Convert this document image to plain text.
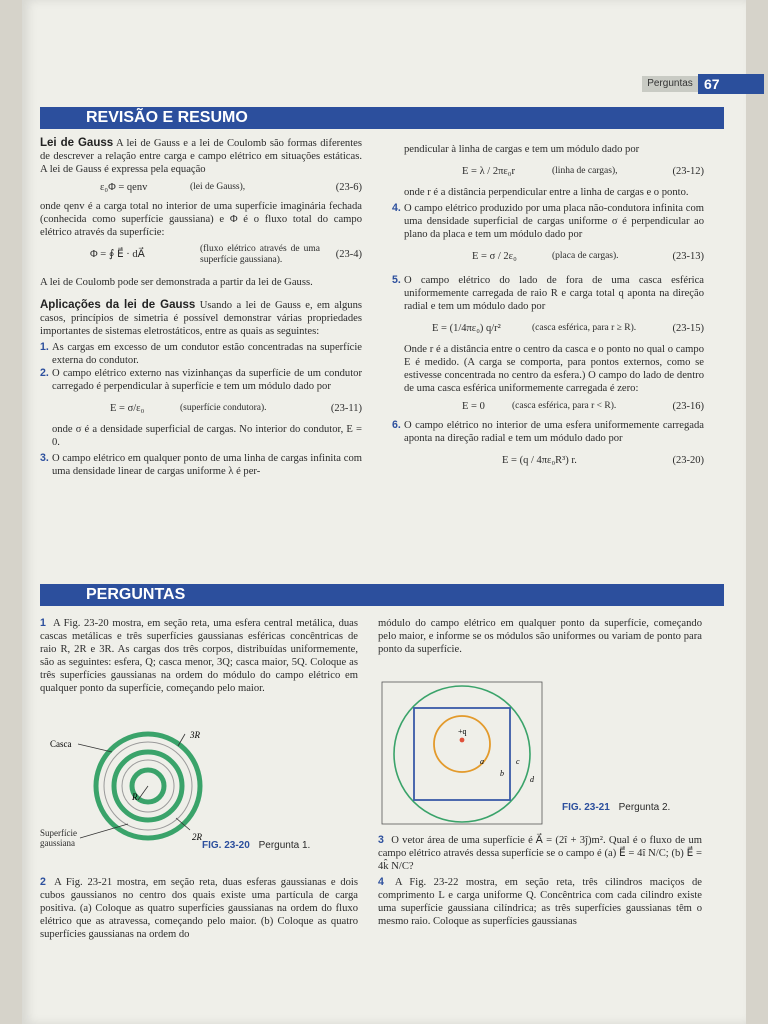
Perguntas 67
REVISÃO E RESUMO

Lei de Gauss A lei de Gauss e a lei de Coulomb são formas diferentes de descrever a relação entre carga e campo elétrico em situações estáticas. A lei de Gauss é expressa pela equação

ε₀Φ = qenv	(lei de Gauss),	(23-6)

onde qenv é a carga total no interior de uma superfície imaginária fechada (conhecida como superfície gaussiana) e Φ é o fluxo total do campo elétrico através da superfície:

Φ = ∮ E⃗ · dA⃗	(fluxo elétrico através de uma superfície gaussiana).	(23-4)

A lei de Coulomb pode ser demonstrada a partir da lei de Gauss.

Aplicações da lei de Gauss Usando a lei de Gauss e, em alguns casos, princípios de simetria é possível demonstrar várias propriedades importantes de sistemas eletrostáticos, entre as quais as seguintes:

1. As cargas em excesso de um condutor estão concentradas na superfície externa do condutor.
2. O campo elétrico externo nas vizinhanças da superfície de um condutor carregado é perpendicular à superfície e tem um módulo dado por
E = σ/ε₀	(superfície condutora).	(23-11)

onde σ é a densidade superficial de cargas. No interior do condutor, E = 0.

3. O campo elétrico em qualquer ponto de uma linha de cargas infinita com uma densidade linear de cargas uniforme λ é per-

pendicular à linha de cargas e tem um módulo dado por

E = λ / 2πε₀r	(linha de cargas),	(23-12)

onde r é a distância perpendicular entre a linha de cargas e o ponto.

4. O campo elétrico produzido por uma placa não-condutora infinita com uma densidade superficial de cargas uniforme σ é perpendicular ao plano da placa e tem um módulo dado por
E = σ / 2ε₀	(placa de cargas).	(23-13)
5. O campo elétrico do lado de fora de uma casca esférica uniformemente carregada de raio R e carga total q aponta na direção radial e tem um módulo dado por
E = (1/4πε₀) q/r²	(casca esférica, para r ≥ R).	(23-15)

Onde r é a distância entre o centro da casca e o ponto no qual o campo E é medido. (A carga se comporta, para pontos externos, como se estivesse concentrada no centro da esfera.) O campo do lado de dentro de uma casca esférica uniformemente carregada é zero:

E = 0	(casca esférica, para r < R).	(23-16)
6. O campo elétrico no interior de uma esfera uniformemente carregada aponta na direção radial e tem um módulo dado por
E = (q / 4πε₀R³) r.	(23-20)
PERGUNTAS

1 A Fig. 23-20 mostra, em seção reta, uma esfera central metálica, duas cascas metálicas e três superfícies gaussianas esféricas concêntricas de raio R, 2R e 3R. As cargas dos três corpos, distribuídas uniformemente, são as seguintes: esfera, Q; casca menor, 3Q; casca maior, 5Q. Coloque as três superfícies gaussianas na ordem do módulo do campo elétrico em qualquer ponto da superfície, começando pelo maior.

Casca
3R
R
2R
Superfície gaussiana	FIG. 23-20 Pergunta 1.

2 A Fig. 23-21 mostra, em seção reta, duas esferas gaussianas e dois cubos gaussianos no centro dos quais existe uma partícula de carga positiva. (a) Coloque as quatro superfícies gaussianas na ordem do fluxo elétrico que as atravessa, começando pelo maior. (b) Coloque as quatro superfícies gaussianas na ordem do

módulo do campo elétrico em qualquer ponto da superfície, começando pelo maior, e informe se os módulos são uniformes ou variam de ponto para ponto da superfície.

+q
a
b
c
d
FIG. 23-21 Pergunta 2.

3 O vetor área de uma superfície é A⃗ = (2î + 3ĵ)m². Qual é o fluxo de um campo elétrico através dessa superfície se o campo é (a) E⃗ = 4î N/C; (b) E⃗ = 4k̂ N/C?

4 A Fig. 23-22 mostra, em seção reta, três cilindros maciços de comprimento L e carga uniforme Q. Concêntrica com cada cilindro existe uma superfície gaussiana cilíndrica; as três superfícies gaussianas têm o mesmo raio. Coloque as superfícies gaussianas
